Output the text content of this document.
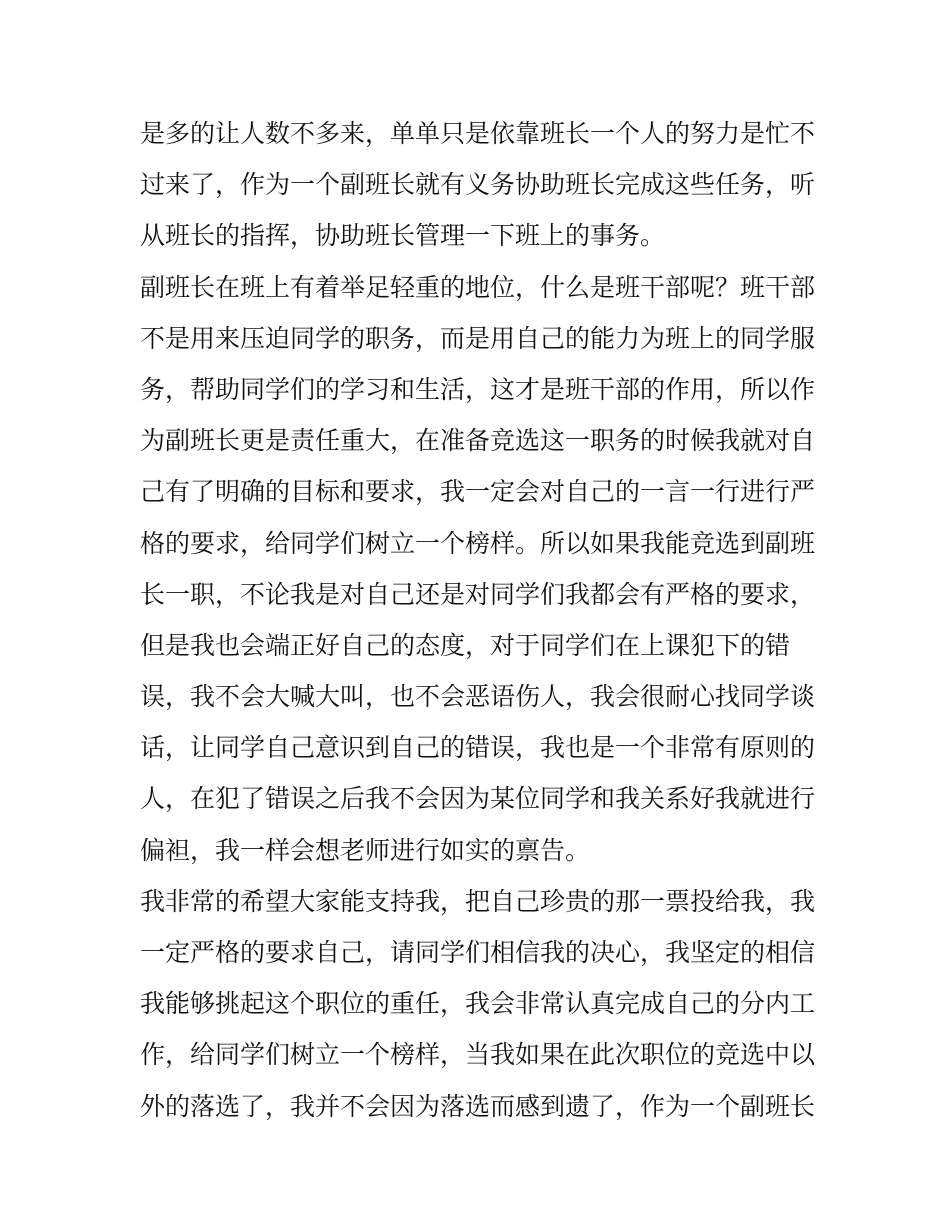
是多的让人数不多来，单单只是依靠班长一个人的努力是忙不
过来了，作为一个副班长就有义务协助班长完成这些任务，听
从班长的指挥，协助班长管理一下班上的事务。
副班长在班上有着举足轻重的地位，什么是班干部呢？班干部
不是用来压迫同学的职务，而是用自己的能力为班上的同学服
务，帮助同学们的学习和生活，这才是班干部的作用，所以作
为副班长更是责任重大，在准备竞选这一职务的时候我就对自
己有了明确的目标和要求，我一定会对自己的一言一行进行严
格的要求，给同学们树立一个榜样。所以如果我能竞选到副班
长一职，不论我是对自己还是对同学们我都会有严格的要求，
但是我也会端正好自己的态度，对于同学们在上课犯下的错
误，我不会大喊大叫，也不会恶语伤人，我会很耐心找同学谈
话，让同学自己意识到自己的错误，我也是一个非常有原则的
人，在犯了错误之后我不会因为某位同学和我关系好我就进行
偏袒，我一样会想老师进行如实的禀告。
我非常的希望大家能支持我，把自己珍贵的那一票投给我，我
一定严格的要求自己，请同学们相信我的决心，我坚定的相信
我能够挑起这个职位的重任，我会非常认真完成自己的分内工
作，给同学们树立一个榜样，当我如果在此次职位的竞选中以
外的落选了，我并不会因为落选而感到遗了，作为一个副班长
